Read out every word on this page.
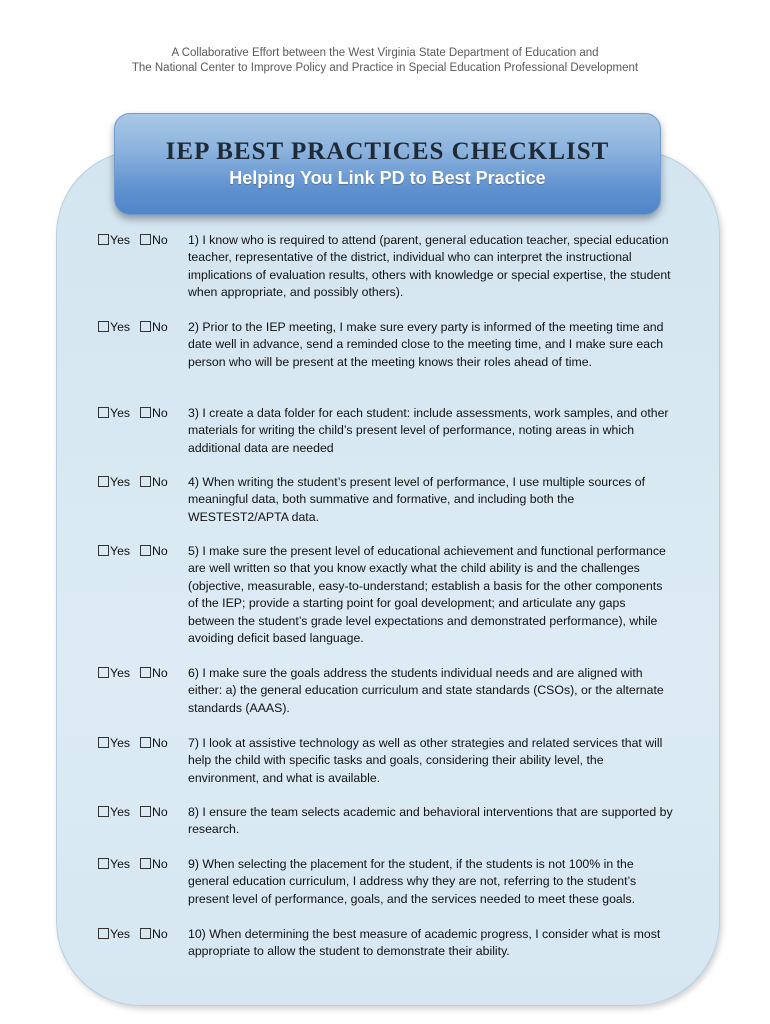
A Collaborative Effort between the West Virginia State Department of Education and
The National Center to Improve Policy and Practice in Special Education Professional Development
IEP BEST PRACTICES CHECKLIST
Helping You Link PD to Best Practice
Yes	No 1) I know who is required to attend (parent, general education teacher, special education teacher, representative of the district, individual who can interpret the instructional implications of evaluation results, others with knowledge or special expertise, the student when appropriate, and possibly others).
Yes	No 2) Prior to the IEP meeting, I make sure every party is informed of the meeting time and date well in advance, send a reminded close to the meeting time, and I make sure each person who will be present at the meeting knows their roles ahead of time.
Yes	No 3) I create a data folder for each student: include assessments, work samples, and other materials for writing the child’s present level of performance, noting areas in which additional data are needed
Yes	No 4) When writing the student’s present level of performance, I use multiple sources of meaningful data, both summative and formative, and including both the WESTEST2/APTA data.
Yes	No 5) I make sure the present level of educational achievement and functional performance are well written so that you know exactly what the child ability is and the challenges (objective, measurable, easy-to-understand; establish a basis for the other components of the IEP; provide a starting point for goal development; and articulate any gaps between the student’s grade level expectations and demonstrated performance), while avoiding deficit based language.
Yes	No 6) I make sure the goals address the students individual needs and are aligned with either: a) the general education curriculum and state standards (CSOs), or the alternate standards (AAAS).
Yes	No 7) I look at assistive technology as well as other strategies and related services that will help the child with specific tasks and goals, considering their ability level, the environment, and what is available.
Yes	No 8) I ensure the team selects academic and behavioral interventions that are supported by research.
Yes	No 9) When selecting the placement for the student, if the students is not 100% in the general education curriculum, I address why they are not, referring to the student’s present level of performance, goals, and the services needed to meet these goals.
Yes	No 10) When determining the best measure of academic progress, I consider what is most appropriate to allow the student to demonstrate their ability.
